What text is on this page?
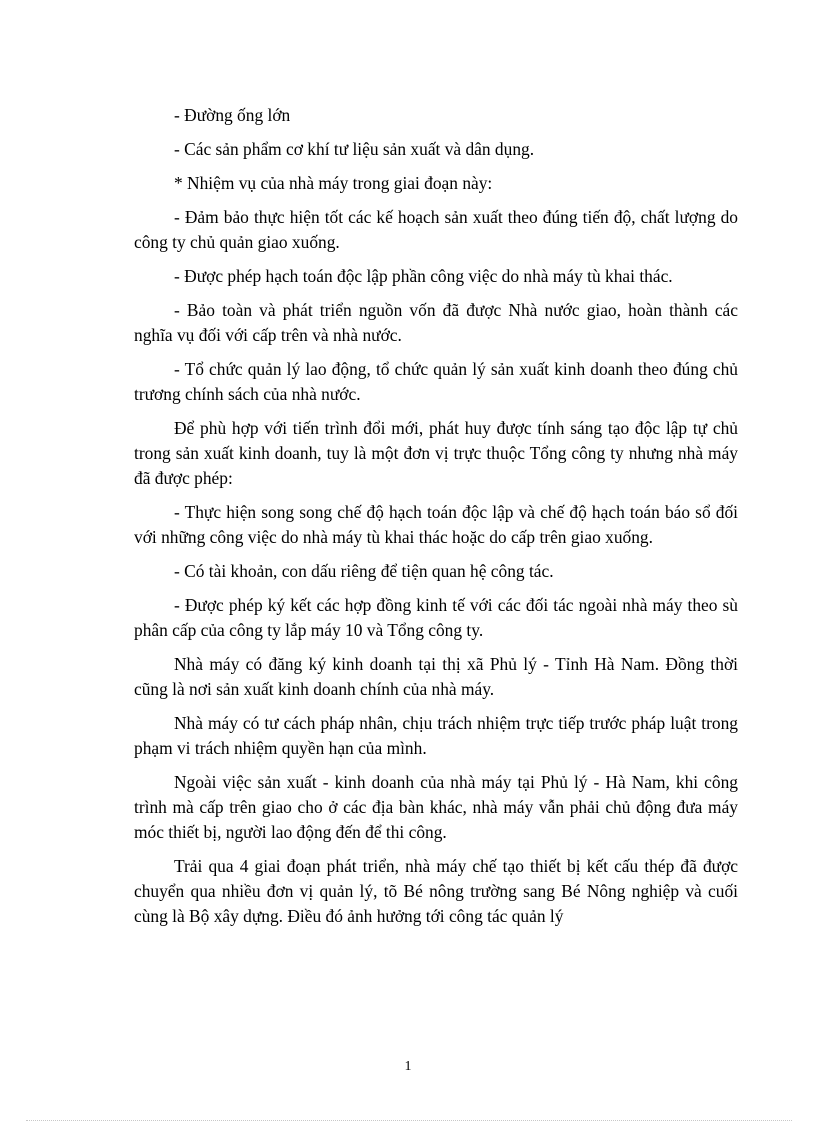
- Đường ống lớn

- Các sản phẩm cơ khí tư liệu sản xuất và dân dụng.

* Nhiệm vụ của nhà máy trong giai đoạn này:

- Đảm bảo thực hiện tốt các kế hoạch sản xuất theo đúng tiến độ, chất lượng do công ty chủ quản giao xuống.

- Được phép hạch toán độc lập phần công việc do nhà máy tù khai thác.

- Bảo toàn và phát triển nguồn vốn đã được Nhà nước giao, hoàn thành các nghĩa vụ đối với cấp trên và nhà nước.

- Tổ chức quản lý lao động, tổ chức quản lý sản xuất kinh doanh theo đúng chủ trương chính sách của nhà nước.

Để phù hợp với tiến trình đổi mới, phát huy được tính sáng tạo độc lập tự chủ trong sản xuất kinh doanh, tuy là một đơn vị trực thuộc Tổng công ty nhưng nhà máy đã được phép:

- Thực hiện song song chế độ hạch toán độc lập và chế độ hạch toán báo sổ đối với những công việc do nhà máy tù khai thác hoặc do cấp trên giao xuống.

- Có tài khoản, con dấu riêng để tiện quan hệ công tác.

- Được phép ký kết các hợp đồng kinh tế với các đối tác ngoài nhà máy theo sù phân cấp của công ty lắp máy 10 và Tổng công ty.

Nhà máy có đăng ký kinh doanh tại thị xã Phủ lý - Tỉnh Hà Nam. Đồng thời cũng là nơi sản xuất kinh doanh chính của nhà máy.

Nhà máy có tư cách pháp nhân, chịu trách nhiệm trực tiếp trước pháp luật trong phạm vi trách nhiệm quyền hạn của mình.

Ngoài việc sản xuất - kinh doanh của nhà máy tại Phủ lý - Hà Nam, khi công trình mà cấp trên giao cho ở các địa bàn khác, nhà máy vẫn phải chủ động đưa máy móc thiết bị, người lao động đến để thi công.

Trải qua 4 giai đoạn phát triển, nhà máy chế tạo thiết bị kết cấu thép đã được chuyển qua nhiều đơn vị quản lý, tõ Bé nông trường sang Bé Nông nghiệp và cuối cùng là Bộ xây dựng. Điều đó ảnh hưởng tới công tác quản lý

1
